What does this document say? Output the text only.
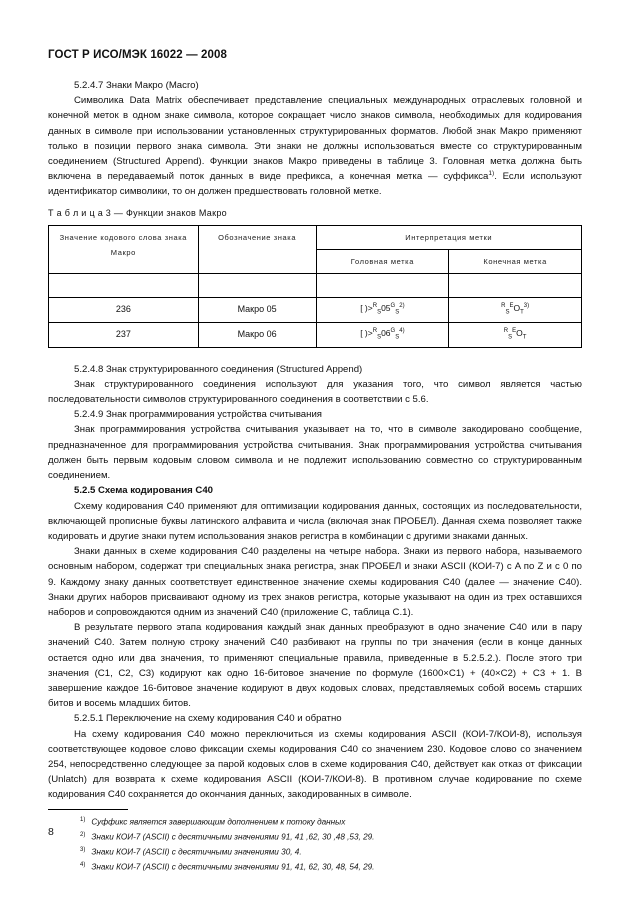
ГОСТ Р ИСО/МЭК 16022 — 2008

5.2.4.7 Знаки Макро (Macro)

Символика Data Matrix обеспечивает представление специальных международных отраслевых головной и конечной меток в одном знаке символа, которое сокращает число знаков символа, необходимых для кодирования данных в символе при использовании установленных структурированных форматов. Любой знак Макро применяют только в позиции первого знака символа. Эти знаки не должны использоваться вместе со структурированным соединением (Structured Append). Функции знаков Макро приведены в таблице 3. Головная метка должна быть включена в передаваемый поток данных в виде префикса, а конечная метка — суффикса$^{1)}$. Если используют идентификатор символики, то он должен предшествовать головной метке.

Т а б л и ц а 3 — Функции знаков Макро
Значение кодового слова знака Макро	Обозначение знака	Интерпретация метки	
		Головная метка	Конечная метка

236	Макро 05	[ )$>^R_S05^G_S^{2)}$	$^R_S^EO_T^{3)}$
237	Макро 06	[ )$>^R_S06^G_S^{4)}$	$^R_S^EO_T$

5.2.4.8 Знак структурированного соединения (Structured Append)

Знак структурированного соединения используют для указания того, что символ является частью последовательности символов структурированного соединения в соответствии с 5.6.

5.2.4.9 Знак программирования устройства считывания

Знак программирования устройства считывания указывает на то, что в символе закодировано сообщение, предназначенное для программирования устройства считывания. Знак программирования устройства считывания должен быть первым кодовым словом символа и не подлежит использованию совместно со структурированным соединением.

5.2.5 Схема кодирования С40

Схему кодирования С40 применяют для оптимизации кодирования данных, состоящих из последовательности, включающей прописные буквы латинского алфавита и числа (включая знак ПРОБЕЛ). Данная схема позволяет также кодировать и другие знаки путем использования знаков регистра в комбинации с другими знаками данных.

Знаки данных в схеме кодирования С40 разделены на четыре набора. Знаки из первого набора, называемого основным набором, содержат три специальных знака регистра, знак ПРОБЕЛ и знаки ASCII (КОИ-7) с A по Z и с 0 по 9. Каждому знаку данных соответствует единственное значение схемы кодирования С40 (далее — значение С40). Знаки других наборов присваивают одному из трех знаков регистра, которые указывают на один из трех оставшихся наборов и сопровождаются одним из значений С40 (приложение С, таблица С.1).

В результате первого этапа кодирования каждый знак данных преобразуют в одно значение С40 или в пару значений С40. Затем полную строку значений С40 разбивают на группы по три значения (если в конце данных остается одно или два значения, то применяют специальные правила, приведенные в 5.2.5.2.). После этого три значения (С1, С2, С3) кодируют как одно 16-битовое значение по формуле (1600×С1) + (40×С2) + С3 + 1. В завершение каждое 16-битовое значение кодируют в двух кодовых словах, представляемых собой восемь старших битов и восемь младших битов.

5.2.5.1 Переключение на схему кодирования С40 и обратно

На схему кодирования С40 можно переключиться из схемы кодирования ASCII (КОИ-7/КОИ-8), используя соответствующее кодовое слово фиксации схемы кодирования С40 со значением 230. Кодовое слово со значением 254, непосредственно следующее за парой кодовых слов в схеме кодирования С40, действует как отказ от фиксации (Unlatch) для возврата к схеме кодирования ASCII (КОИ-7/КОИ-8). В противном случае кодирование по схеме кодирования С40 сохраняется до окончания данных, закодированных в символе.

$^{1)}$ Суффикс является завершающим дополнением к потоку данных
$^{2)}$ Знаки КОИ-7 (ASCII) с десятичными значениями 91, 41 ,62, 30 ,48 ,53, 29.
$^{3)}$ Знаки КОИ-7 (ASCII) с десятичными значениями 30, 4.
$^{4)}$ Знаки КОИ-7 (ASCII) с десятичными значениями 91, 41, 62, 30, 48, 54, 29.
8
